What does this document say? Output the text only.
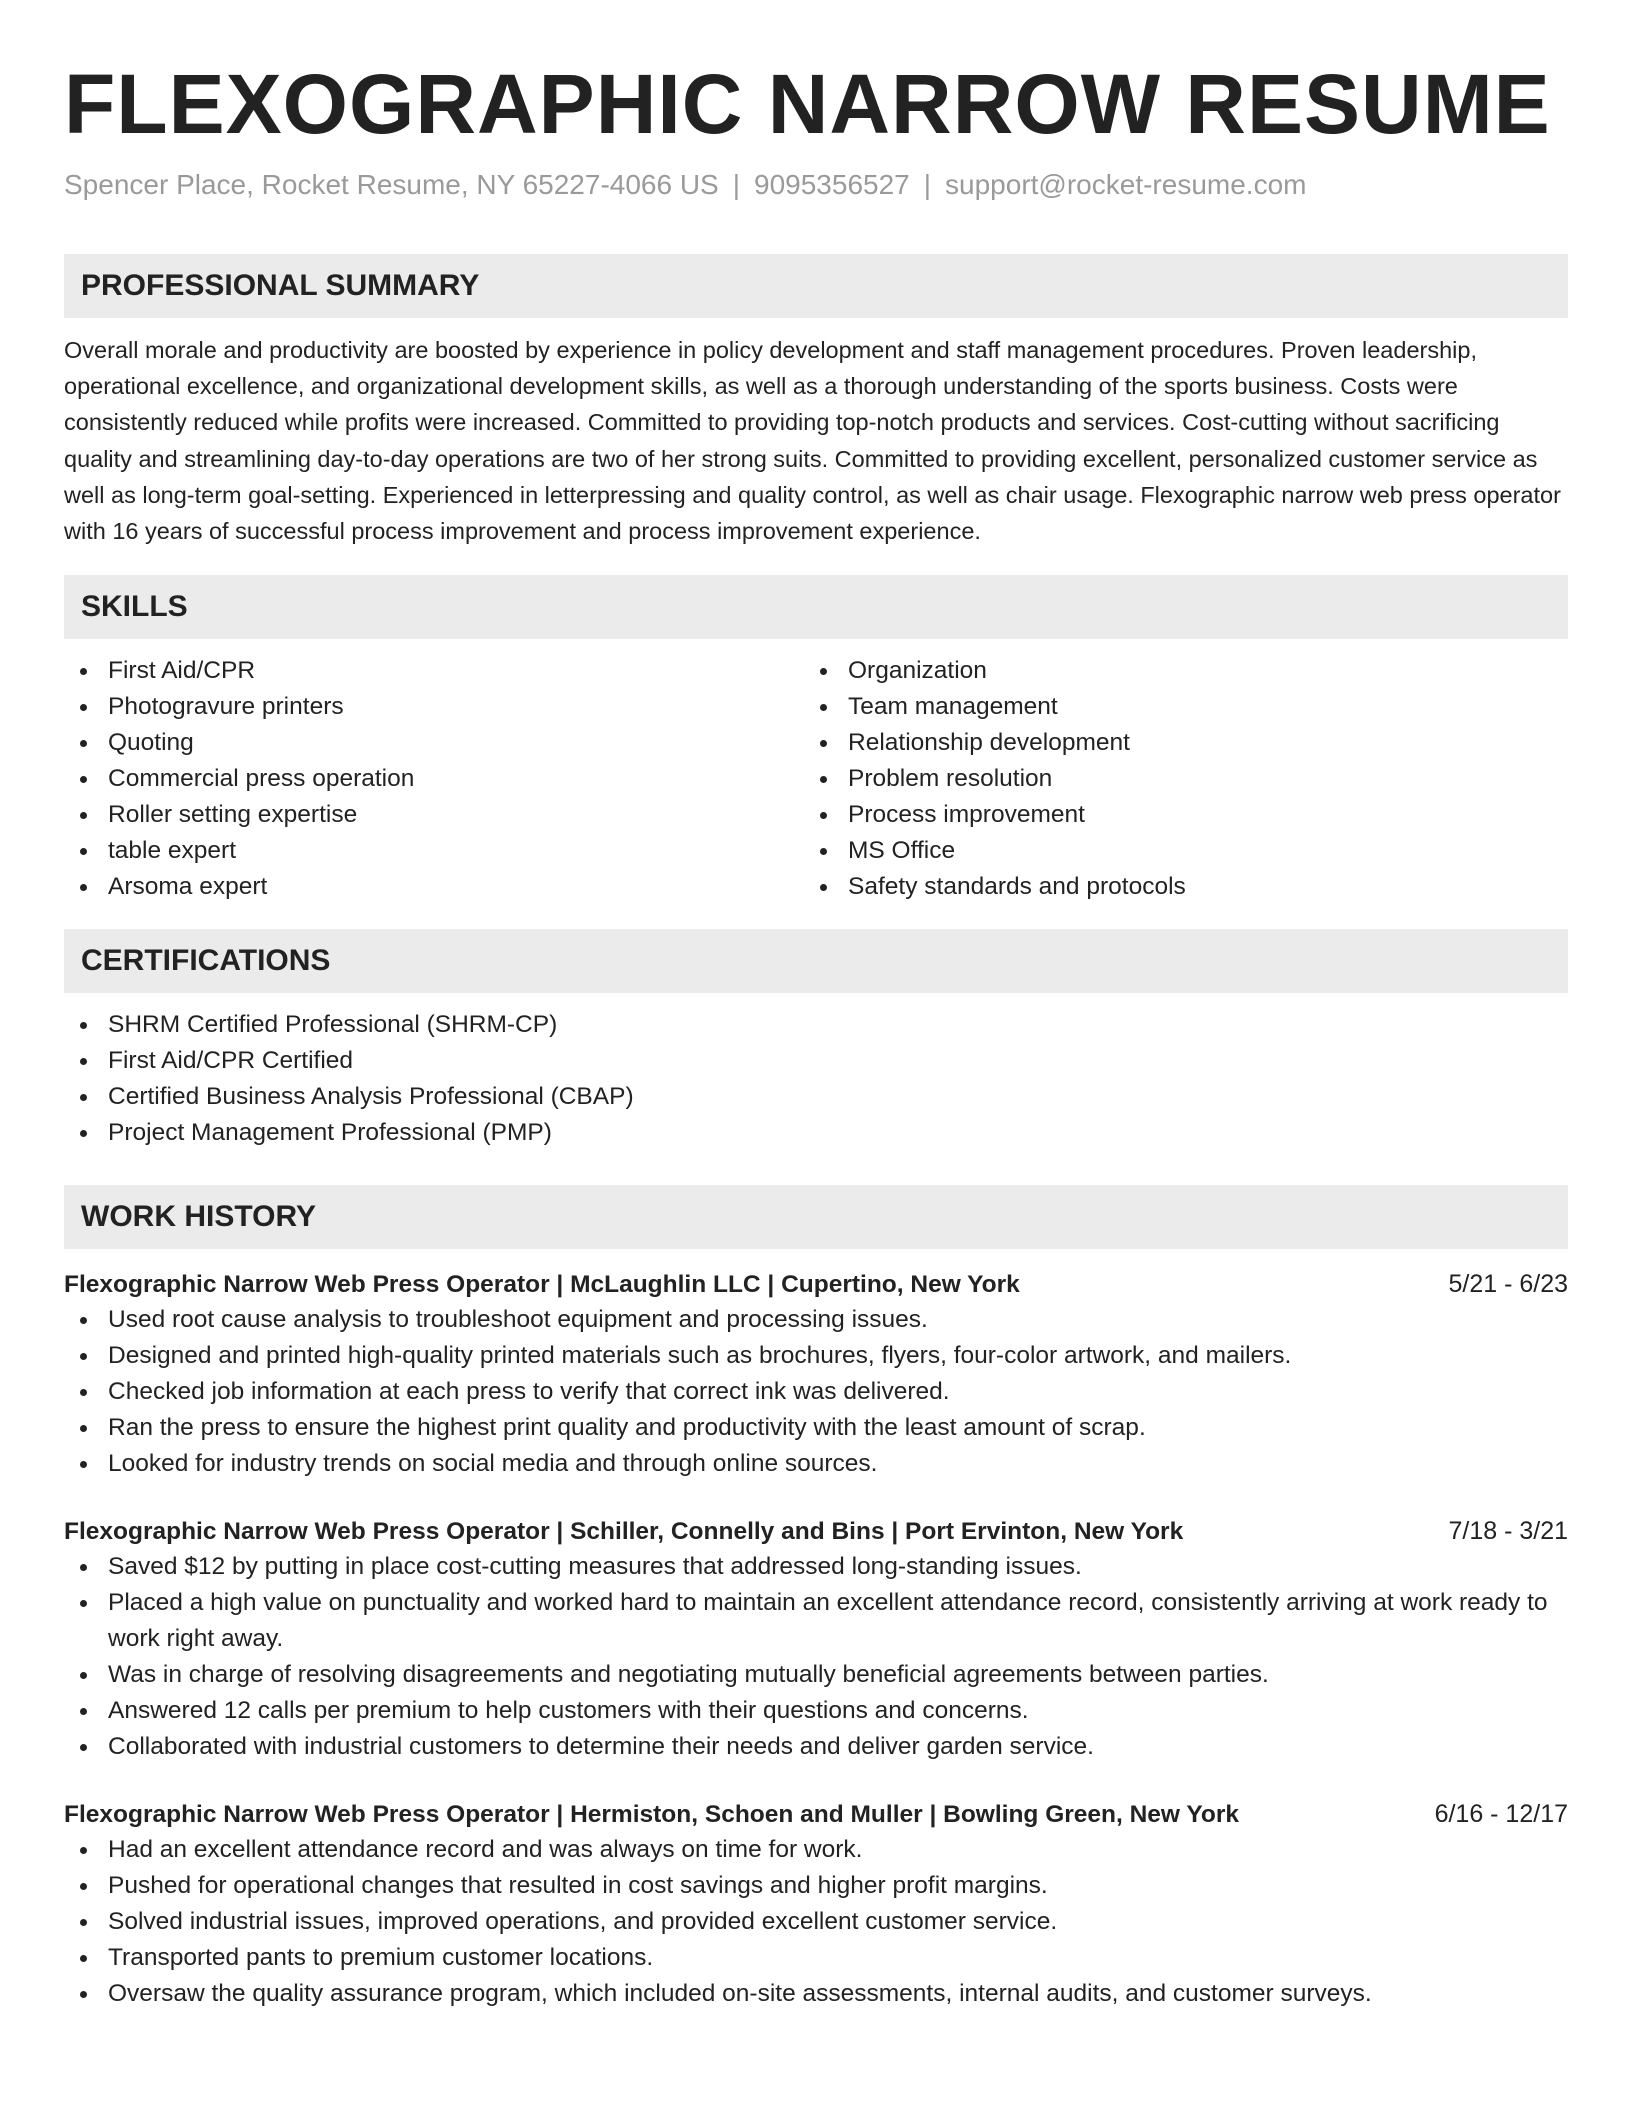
FLEXOGRAPHIC NARROW RESUME
Spencer Place, Rocket Resume, NY 65227-4066 US | 9095356527 | support@rocket-resume.com
PROFESSIONAL SUMMARY

Overall morale and productivity are boosted by experience in policy development and staff management procedures. Proven leadership, operational excellence, and organizational development skills, as well as a thorough understanding of the sports business. Costs were consistently reduced while profits were increased. Committed to providing top-notch products and services. Cost-cutting without sacrificing quality and streamlining day-to-day operations are two of her strong suits. Committed to providing excellent, personalized customer service as well as long-term goal-setting. Experienced in letterpressing and quality control, as well as chair usage. Flexographic narrow web press operator with 16 years of successful process improvement and process improvement experience.

SKILLS
First Aid/CPR
Photogravure printers
Quoting
Commercial press operation
Roller setting expertise
table expert
Arsoma expert
Organization
Team management
Relationship development
Problem resolution
Process improvement
MS Office
Safety standards and protocols
CERTIFICATIONS
SHRM Certified Professional (SHRM-CP)
First Aid/CPR Certified
Certified Business Analysis Professional (CBAP)
Project Management Professional (PMP)
WORK HISTORY
Flexographic Narrow Web Press Operator | McLaughlin LLC | Cupertino, New York	5/21 - 6/23
Used root cause analysis to troubleshoot equipment and processing issues.
Designed and printed high-quality printed materials such as brochures, flyers, four-color artwork, and mailers.
Checked job information at each press to verify that correct ink was delivered.
Ran the press to ensure the highest print quality and productivity with the least amount of scrap.
Looked for industry trends on social media and through online sources.
Flexographic Narrow Web Press Operator | Schiller, Connelly and Bins | Port Ervinton, New York	7/18 - 3/21
Saved $12 by putting in place cost-cutting measures that addressed long-standing issues.
Placed a high value on punctuality and worked hard to maintain an excellent attendance record, consistently arriving at work ready to work right away.
Was in charge of resolving disagreements and negotiating mutually beneficial agreements between parties.
Answered 12 calls per premium to help customers with their questions and concerns.
Collaborated with industrial customers to determine their needs and deliver garden service.
Flexographic Narrow Web Press Operator | Hermiston, Schoen and Muller | Bowling Green, New York	6/16 - 12/17
Had an excellent attendance record and was always on time for work.
Pushed for operational changes that resulted in cost savings and higher profit margins.
Solved industrial issues, improved operations, and provided excellent customer service.
Transported pants to premium customer locations.
Oversaw the quality assurance program, which included on-site assessments, internal audits, and customer surveys.
